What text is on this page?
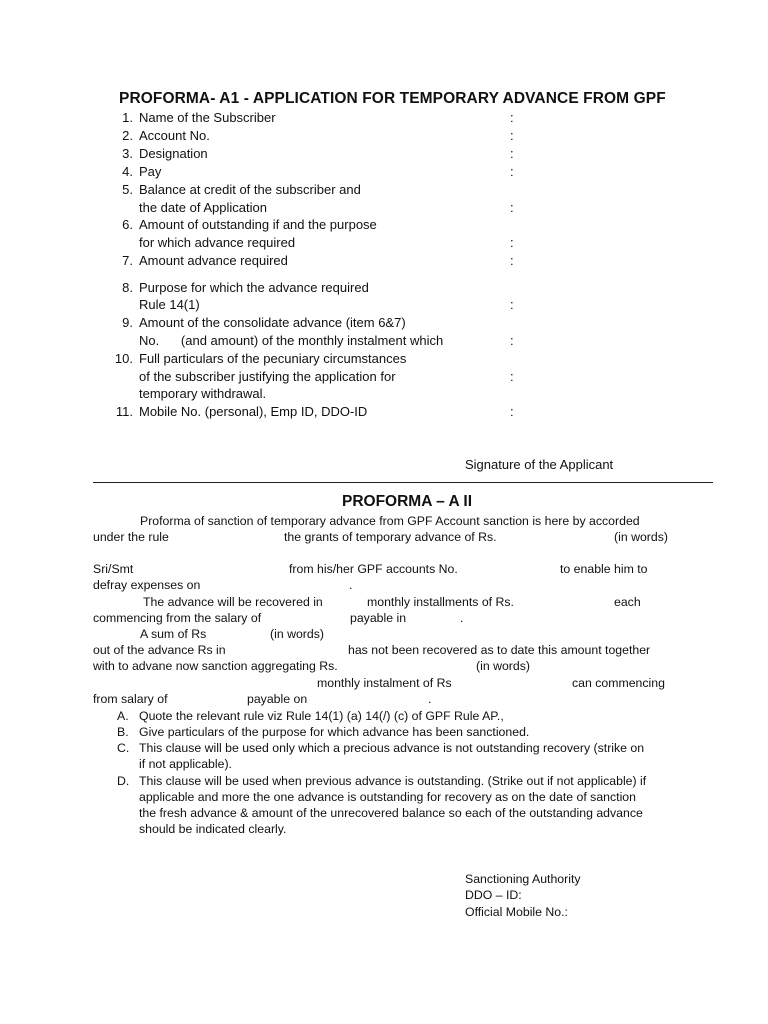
PROFORMA- A1 - APPLICATION FOR TEMPORARY ADVANCE FROM GPF
1. Name of the Subscriber	:
2. Account No.	:
3. Designation	:
4. Pay	:
5. Balance at credit of the subscriber and
the date of Application	:
6. Amount of outstanding if and the purpose
for which advance required	:
7. Amount advance required	:
8. Purpose for which the advance required
Rule 14(1)	:
9. Amount of the consolidate advance (item 6&7)
No.      (and amount) of the monthly instalment which	:
10. Full particulars of the pecuniary circumstances
of the subscriber justifying the application for	:
temporary withdrawal.
11. Mobile No. (personal), Emp ID, DDO-ID	:
Signature of the Applicant
PROFORMA – A II
Proforma of sanction of temporary advance from GPF Account sanction is here by accorded
under the rule	the grants of temporary advance of Rs.	(in words)
Sri/Smt	from his/her GPF accounts No.	to enable him to
defray expenses on	.
The advance will be recovered in	monthly installments of Rs.	each
commencing from the salary of	payable in	.
A sum of Rs	(in words)
out of the advance Rs in	has not been recovered as to date this amount together
with to advane now sanction aggregating Rs.	(in words)
monthly instalment of Rs	can commencing
from salary of	payable on	.
A. Quote the relevant rule viz Rule 14(1) (a) 14(/) (c) of GPF Rule AP.,
B. Give particulars of the purpose for which advance has been sanctioned.
C. This clause will be used only which a precious advance is not outstanding recovery (strike on
if not applicable).
D. This clause will be used when previous advance is outstanding. (Strike out if not applicable) if
applicable and more the one advance is outstanding for recovery as on the date of sanction
the fresh advance & amount of the unrecovered balance so each of the outstanding advance
should be indicated clearly.
Sanctioning Authority
DDO – ID:
Official Mobile No.:
